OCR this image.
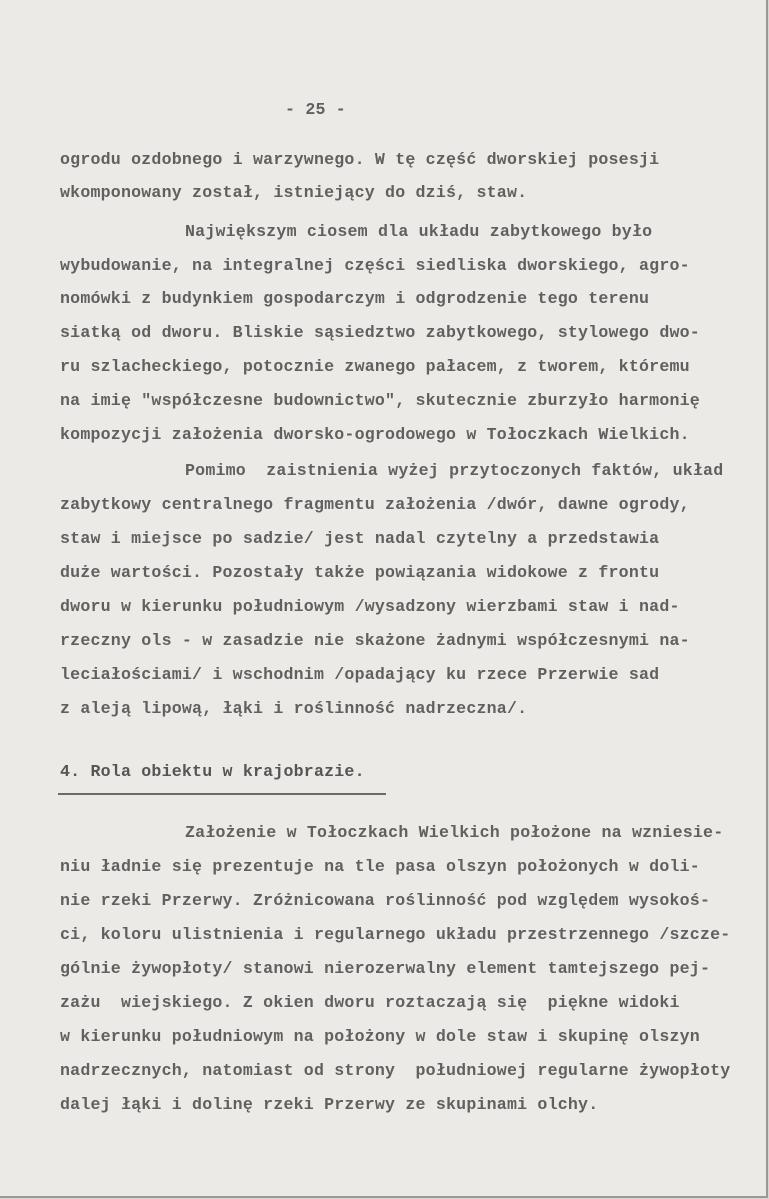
- 25 -
ogrodu ozdobnego i warzywnego. W tę część dworskiej posesji
wkomponowany został, istniejący do dziś, staw.
Największym ciosem dla układu zabytkowego było
wybudowanie, na integralnej części siedliska dworskiego, agro-
nomówki z budynkiem gospodarczym i odgrodzenie tego terenu
siatką od dworu. Bliskie sąsiedztwo zabytkowego, stylowego dwo-
ru szlacheckiego, potocznie zwanego pałacem, z tworem, któremu
na imię "współczesne budownictwo", skutecznie zburzyło harmonię
kompozycji założenia dworsko-ogrodowego w Tołoczkach Wielkich.
Pomimo  zaistnienia wyżej przytoczonych faktów, układ
zabytkowy centralnego fragmentu założenia /dwór, dawne ogrody,
staw i miejsce po sadzie/ jest nadal czytelny a przedstawia
duże wartości. Pozostały także powiązania widokowe z frontu
dworu w kierunku południowym /wysadzony wierzbami staw i nad-
rzeczny ols - w zasadzie nie skażone żadnymi współczesnymi na-
leciałościami/ i wschodnim /opadający ku rzece Przerwie sad
z aleją lipową, łąki i roślinność nadrzeczna/.
4. Rola obiektu w krajobrazie.
Założenie w Tołoczkach Wielkich położone na wzniesie-
niu ładnie się prezentuje na tle pasa olszyn położonych w doli-
nie rzeki Przerwy. Zróżnicowana roślinność pod względem wysokoś-
ci, koloru ulistnienia i regularnego układu przestrzennego /szcze-
gólnie żywopłoty/ stanowi nierozerwalny element tamtejszego pej-
zażu  wiejskiego. Z okien dworu roztaczają się  piękne widoki
w kierunku południowym na położony w dole staw i skupinę olszyn
nadrzecznych, natomiast od strony  południowej regularne żywopłoty
dalej łąki i dolinę rzeki Przerwy ze skupinami olchy.
